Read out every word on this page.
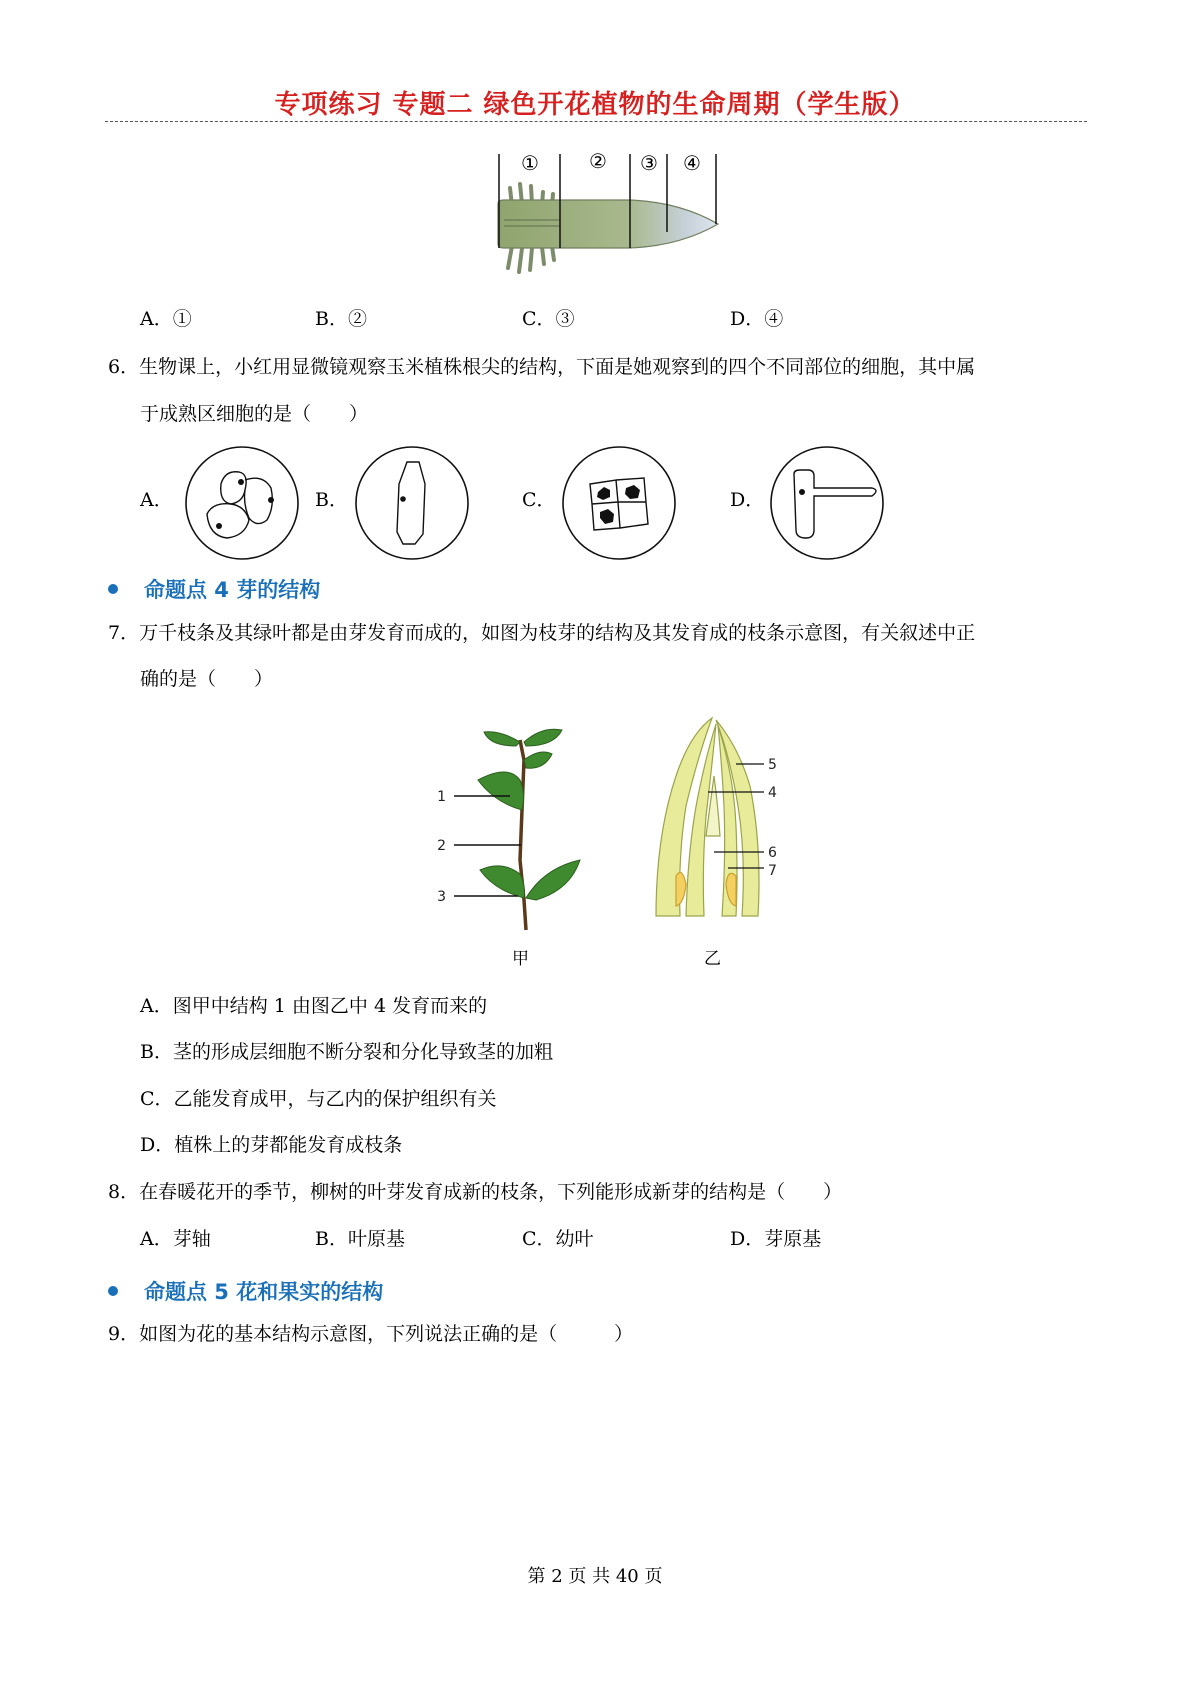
专项练习 专题二 绿色开花植物的生命周期（学生版）
①	② ③ ④
A．①	B．②	C．③	D．④
6．生物课上，小红用显微镜观察玉米植株根尖的结构，下面是她观察到的四个不同部位的细胞，其中属
于成熟区细胞的是（　　）
A．	B．	C．	D．
命题点 4 芽的结构
7．万千枝条及其绿叶都是由芽发育而成的，如图为枝芽的结构及其发育成的枝条示意图，有关叙述中正
确的是（　　）
1
2
3
甲
5
4
6
7
乙
A．图甲中结构 1 由图乙中 4 发育而来的
B．茎的形成层细胞不断分裂和分化导致茎的加粗
C．乙能发育成甲，与乙内的保护组织有关
D．植株上的芽都能发育成枝条
8．在春暖花开的季节，柳树的叶芽发育成新的枝条，下列能形成新芽的结构是（　　）
A．芽轴	B．叶原基	C．幼叶	D．芽原基
命题点 5 花和果实的结构
9．如图为花的基本结构示意图，下列说法正确的是（　　　）
第 2 页 共 40 页
